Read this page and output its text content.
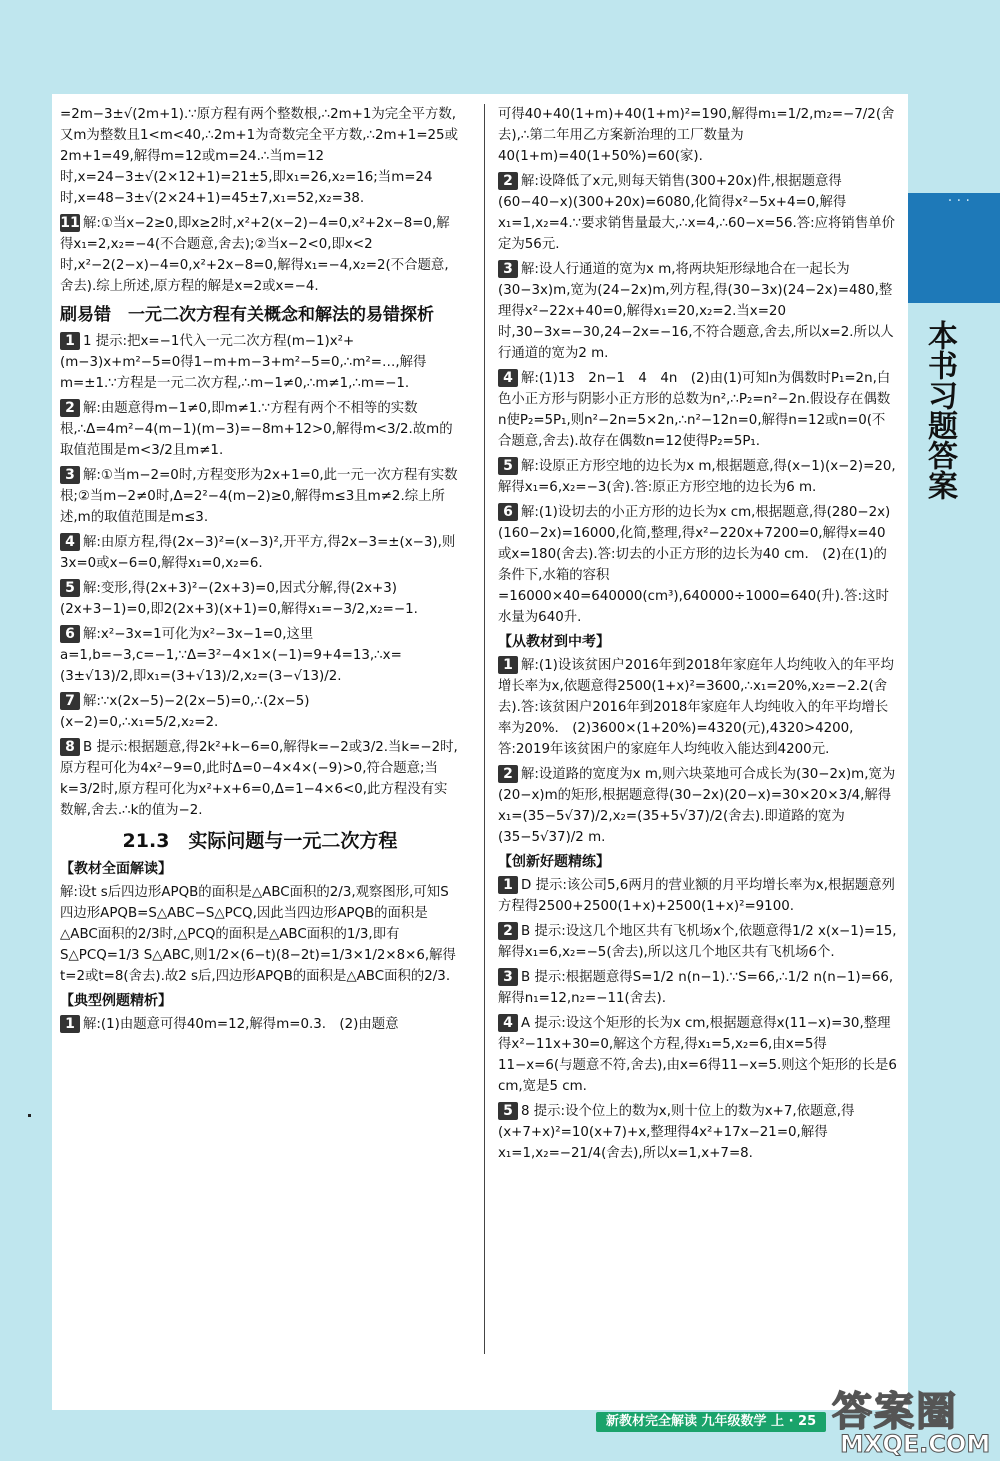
· · ·
本书习题答案
=2m−3±√(2m+1).∵原方程有两个整数根,∴2m+1为完全平方数,又m为整数且1<m<40,∴2m+1为奇数完全平方数,∴2m+1=25或2m+1=49,解得m=12或m=24.∴当m=12时,x=24−3±√(2×12+1)=21±5,即x₁=26,x₂=16;当m=24时,x=48−3±√(2×24+1)=45±7,x₁=52,x₂=38.
11 解:①当x−2≥0,即x≥2时,x²+2(x−2)−4=0,x²+2x−8=0,解得x₁=2,x₂=−4(不合题意,舍去);②当x−2<0,即x<2时,x²−2(2−x)−4=0,x²+2x−8=0,解得x₁=−4,x₂=2(不合题意,舍去).综上所述,原方程的解是x=2或x=−4.
刷易错　一元二次方程有关概念和解法的易错探析
1 1 提示:把x=−1代入一元二次方程(m−1)x²+(m−3)x+m²−5=0得1−m+m−3+m²−5=0,∴m²=…,解得m=±1.∵方程是一元二次方程,∴m−1≠0,∴m≠1,∴m=−1.
2 解:由题意得m−1≠0,即m≠1.∵方程有两个不相等的实数根,∴Δ=4m²−4(m−1)(m−3)=−8m+12>0,解得m<3/2.故m的取值范围是m<3/2且m≠1.
3 解:①当m−2=0时,方程变形为2x+1=0,此一元一次方程有实数根;②当m−2≠0时,Δ=2²−4(m−2)≥0,解得m≤3且m≠2.综上所述,m的取值范围是m≤3.
4 解:由原方程,得(2x−3)²=(x−3)²,开平方,得2x−3=±(x−3),则3x=0或x−6=0,解得x₁=0,x₂=6.
5 解:变形,得(2x+3)²−(2x+3)=0,因式分解,得(2x+3)(2x+3−1)=0,即2(2x+3)(x+1)=0,解得x₁=−3/2,x₂=−1.
6 解:x²−3x=1可化为x²−3x−1=0,这里a=1,b=−3,c=−1,∵Δ=3²−4×1×(−1)=9+4=13,∴x=(3±√13)/2,即x₁=(3+√13)/2,x₂=(3−√13)/2.
7 解:∵x(2x−5)−2(2x−5)=0,∴(2x−5)(x−2)=0,∴x₁=5/2,x₂=2.
8 B 提示:根据题意,得2k²+k−6=0,解得k=−2或3/2.当k=−2时,原方程可化为4x²−9=0,此时Δ=0−4×4×(−9)>0,符合题意;当k=3/2时,原方程可化为x²+x+6=0,Δ=1−4×6<0,此方程没有实数解,舍去.∴k的值为−2.
21.3　实际问题与一元二次方程
【教材全面解读】
解:设t s后四边形APQB的面积是△ABC面积的2/3,观察图形,可知S四边形APQB=S△ABC−S△PCQ,因此当四边形APQB的面积是△ABC面积的2/3时,△PCQ的面积是△ABC面积的1/3,即有S△PCQ=1/3 S△ABC,则1/2×(6−t)(8−2t)=1/3×1/2×8×6,解得t=2或t=8(舍去).故2 s后,四边形APQB的面积是△ABC面积的2/3.
【典型例题精析】
1 解:(1)由题意可得40m=12,解得m=0.3.　(2)由题意
可得40+40(1+m)+40(1+m)²=190,解得m₁=1/2,m₂=−7/2(舍去),∴第二年用乙方案新治理的工厂数量为40(1+m)=40(1+50%)=60(家).
2 解:设降低了x元,则每天销售(300+20x)件,根据题意得(60−40−x)(300+20x)=6080,化简得x²−5x+4=0,解得x₁=1,x₂=4.∵要求销售量最大,∴x=4,∴60−x=56.答:应将销售单价定为56元.
3 解:设人行通道的宽为x m,将两块矩形绿地合在一起长为(30−3x)m,宽为(24−2x)m,列方程,得(30−3x)(24−2x)=480,整理得x²−22x+40=0,解得x₁=20,x₂=2.当x=20时,30−3x=−30,24−2x=−16,不符合题意,舍去,所以x=2.所以人行通道的宽为2 m.
4 解:(1)13　2n−1　4　4n　(2)由(1)可知n为偶数时P₁=2n,白色小正方形与阴影小正方形的总数为n²,∴P₂=n²−2n.假设存在偶数n使P₂=5P₁,则n²−2n=5×2n,∴n²−12n=0,解得n=12或n=0(不合题意,舍去).故存在偶数n=12使得P₂=5P₁.
5 解:设原正方形空地的边长为x m,根据题意,得(x−1)(x−2)=20,解得x₁=6,x₂=−3(舍).答:原正方形空地的边长为6 m.
6 解:(1)设切去的小正方形的边长为x cm,根据题意,得(280−2x)(160−2x)=16000,化简,整理,得x²−220x+7200=0,解得x=40或x=180(舍去).答:切去的小正方形的边长为40 cm.　(2)在(1)的条件下,水箱的容积=16000×40=640000(cm³),640000÷1000=640(升).答:这时水量为640升.
【从教材到中考】
1 解:(1)设该贫困户2016年到2018年家庭年人均纯收入的年平均增长率为x,依题意得2500(1+x)²=3600,∴x₁=20%,x₂=−2.2(舍去).答:该贫困户2016年到2018年家庭年人均纯收入的年平均增长率为20%.　(2)3600×(1+20%)=4320(元),4320>4200,答:2019年该贫困户的家庭年人均纯收入能达到4200元.
2 解:设道路的宽度为x m,则六块菜地可合成长为(30−2x)m,宽为(20−x)m的矩形,根据题意得(30−2x)(20−x)=30×20×3/4,解得x₁=(35−5√37)/2,x₂=(35+5√37)/2(舍去).即道路的宽为(35−5√37)/2 m.
【创新好题精练】
1 D 提示:该公司5,6两月的营业额的月平均增长率为x,根据题意列方程得2500+2500(1+x)+2500(1+x)²=9100.
2 B 提示:设这几个地区共有飞机场x个,依题意得1/2 x(x−1)=15,解得x₁=6,x₂=−5(舍去),所以这几个地区共有飞机场6个.
3 B 提示:根据题意得S=1/2 n(n−1).∵S=66,∴1/2 n(n−1)=66,解得n₁=12,n₂=−11(舍去).
4 A 提示:设这个矩形的长为x cm,根据题意得x(11−x)=30,整理得x²−11x+30=0,解这个方程,得x₁=5,x₂=6,由x=5得11−x=6(与题意不符,舍去),由x=6得11−x=5.则这个矩形的长是6 cm,宽是5 cm.
5 8 提示:设个位上的数为x,则十位上的数为x+7,依题意,得(x+7+x)²=10(x+7)+x,整理得4x²+17x−21=0,解得x₁=1,x₂=−21/4(舍去),所以x=1,x+7=8.
新教材完全解读 九年级数学 上 · 25 答案圈
MXQE.COM
